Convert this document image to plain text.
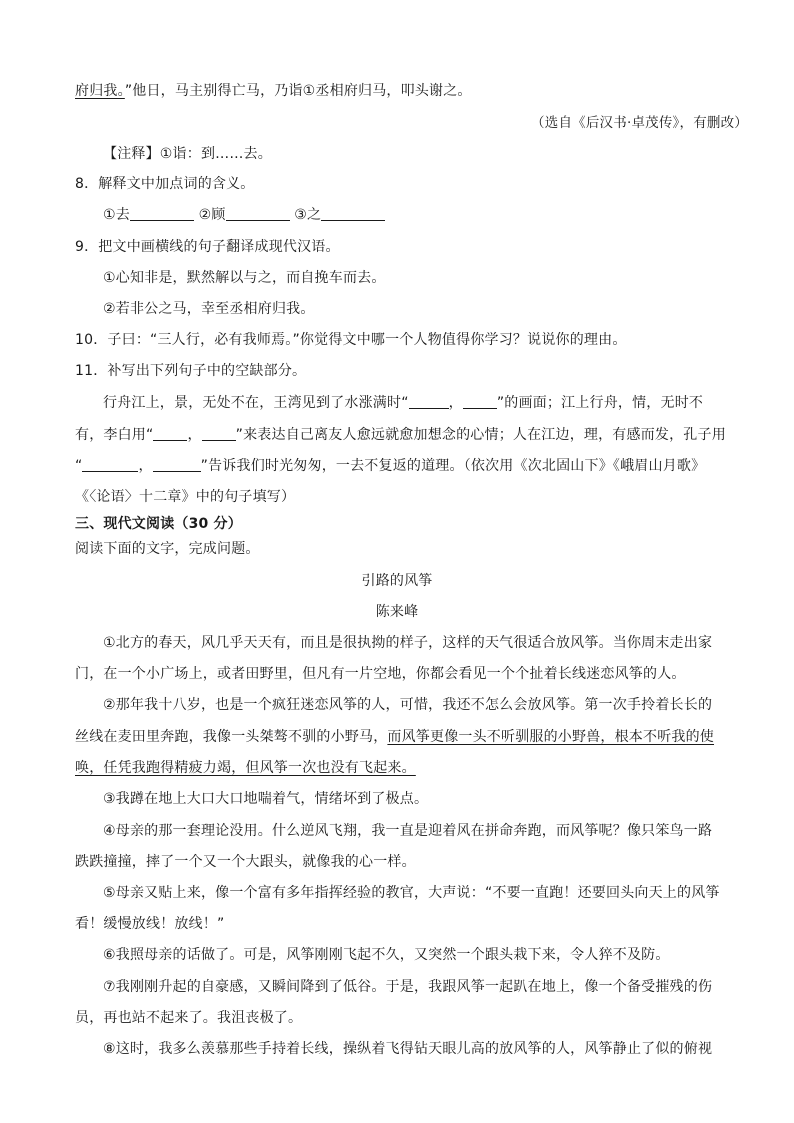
府归我。”他日，马主别得亡马，乃诣①丞相府归马，叩头谢之。
（选自《后汉书·卓茂传》，有删改）
【注释】①诣：到……去。
8．解释文中加点词的含义。
①去	②顾	③之
9．把文中画横线的句子翻译成现代汉语。
①心知非是，默然解以与之，而自挽车而去。
②若非公之马，幸至丞相府归我。
10．子曰：“三人行，必有我师焉。”你觉得文中哪一个人物值得你学习？说说你的理由。
11．补写出下列句子中的空缺部分。
行舟江上，景，无处不在，王湾见到了水涨满时“	， ”的画面；江上行舟，情，无时不
有，李白用“ ， ”来表达自己离友人愈远就愈加想念的心情；人在江边，理，有感而发，孔子用
“	，	”告诉我们时光匆匆，一去不复返的道理。（依次用《次北固山下》《峨眉山月歌》
《〈论语〉十二章》中的句子填写）
三、现代文阅读（30 分）
阅读下面的文字，完成问题。
引路的风筝
陈来峰
①北方的春天，风几乎天天有，而且是很执拗的样子，这样的天气很适合放风筝。当你周末走出家
门，在一个小广场上，或者田野里，但凡有一片空地，你都会看见一个个扯着长线迷恋风筝的人。
②那年我十八岁，也是一个疯狂迷恋风筝的人，可惜，我还不怎么会放风筝。第一次手拎着长长的
丝线在麦田里奔跑，我像一头桀骜不驯的小野马，而风筝更像一头不听驯服的小野兽，根本不听我的使
唤，任凭我跑得精疲力竭，但风筝一次也没有飞起来。
③我蹲在地上大口大口地喘着气，情绪坏到了极点。
④母亲的那一套理论没用。什么逆风飞翔，我一直是迎着风在拼命奔跑，而风筝呢？像只笨鸟一路
跌跌撞撞，摔了一个又一个大跟头，就像我的心一样。
⑤母亲又贴上来，像一个富有多年指挥经验的教官，大声说：“不要一直跑！还要回头向天上的风筝
看！缓慢放线！放线！”
⑥我照母亲的话做了。可是，风筝刚刚飞起不久，又突然一个跟头栽下来，令人猝不及防。
⑦我刚刚升起的自豪感，又瞬间降到了低谷。于是，我跟风筝一起趴在地上，像一个备受摧残的伤
员，再也站不起来了。我沮丧极了。
⑧这时，我多么羡慕那些手持着长线，操纵着飞得钻天眼儿高的放风筝的人，风筝静止了似的俯视
